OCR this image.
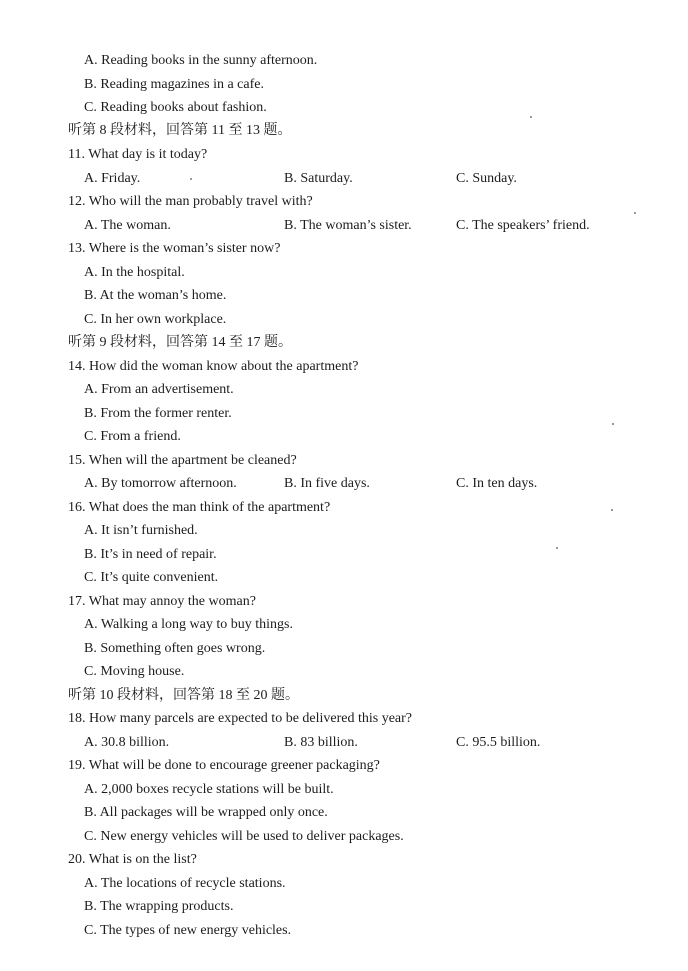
A. Reading books in the sunny afternoon.
B. Reading magazines in a cafe.
C. Reading books about fashion.
听第 8 段材料，回答第 11 至 13 题。
11. What day is it today?
A. Friday.	B. Saturday.	C. Sunday.
12. Who will the man probably travel with?
A. The woman.	B. The woman’s sister.	C. The speakers’ friend.
13. Where is the woman’s sister now?
A. In the hospital.
B. At the woman’s home.
C. In her own workplace.
听第 9 段材料，回答第 14 至 17 题。
14. How did the woman know about the apartment?
A. From an advertisement.
B. From the former renter.
C. From a friend.
15. When will the apartment be cleaned?
A. By tomorrow afternoon.	B. In five days.	C. In ten days.
16. What does the man think of the apartment?
A. It isn’t furnished.
B. It’s in need of repair.
C. It’s quite convenient.
17. What may annoy the woman?
A. Walking a long way to buy things.
B. Something often goes wrong.
C. Moving house.
听第 10 段材料，回答第 18 至 20 题。
18. How many parcels are expected to be delivered this year?
A. 30.8 billion.	B. 83 billion.	C. 95.5 billion.
19. What will be done to encourage greener packaging?
A. 2,000 boxes recycle stations will be built.
B. All packages will be wrapped only once.
C. New energy vehicles will be used to deliver packages.
20. What is on the list?
A. The locations of recycle stations.
B. The wrapping products.
C. The types of new energy vehicles.
